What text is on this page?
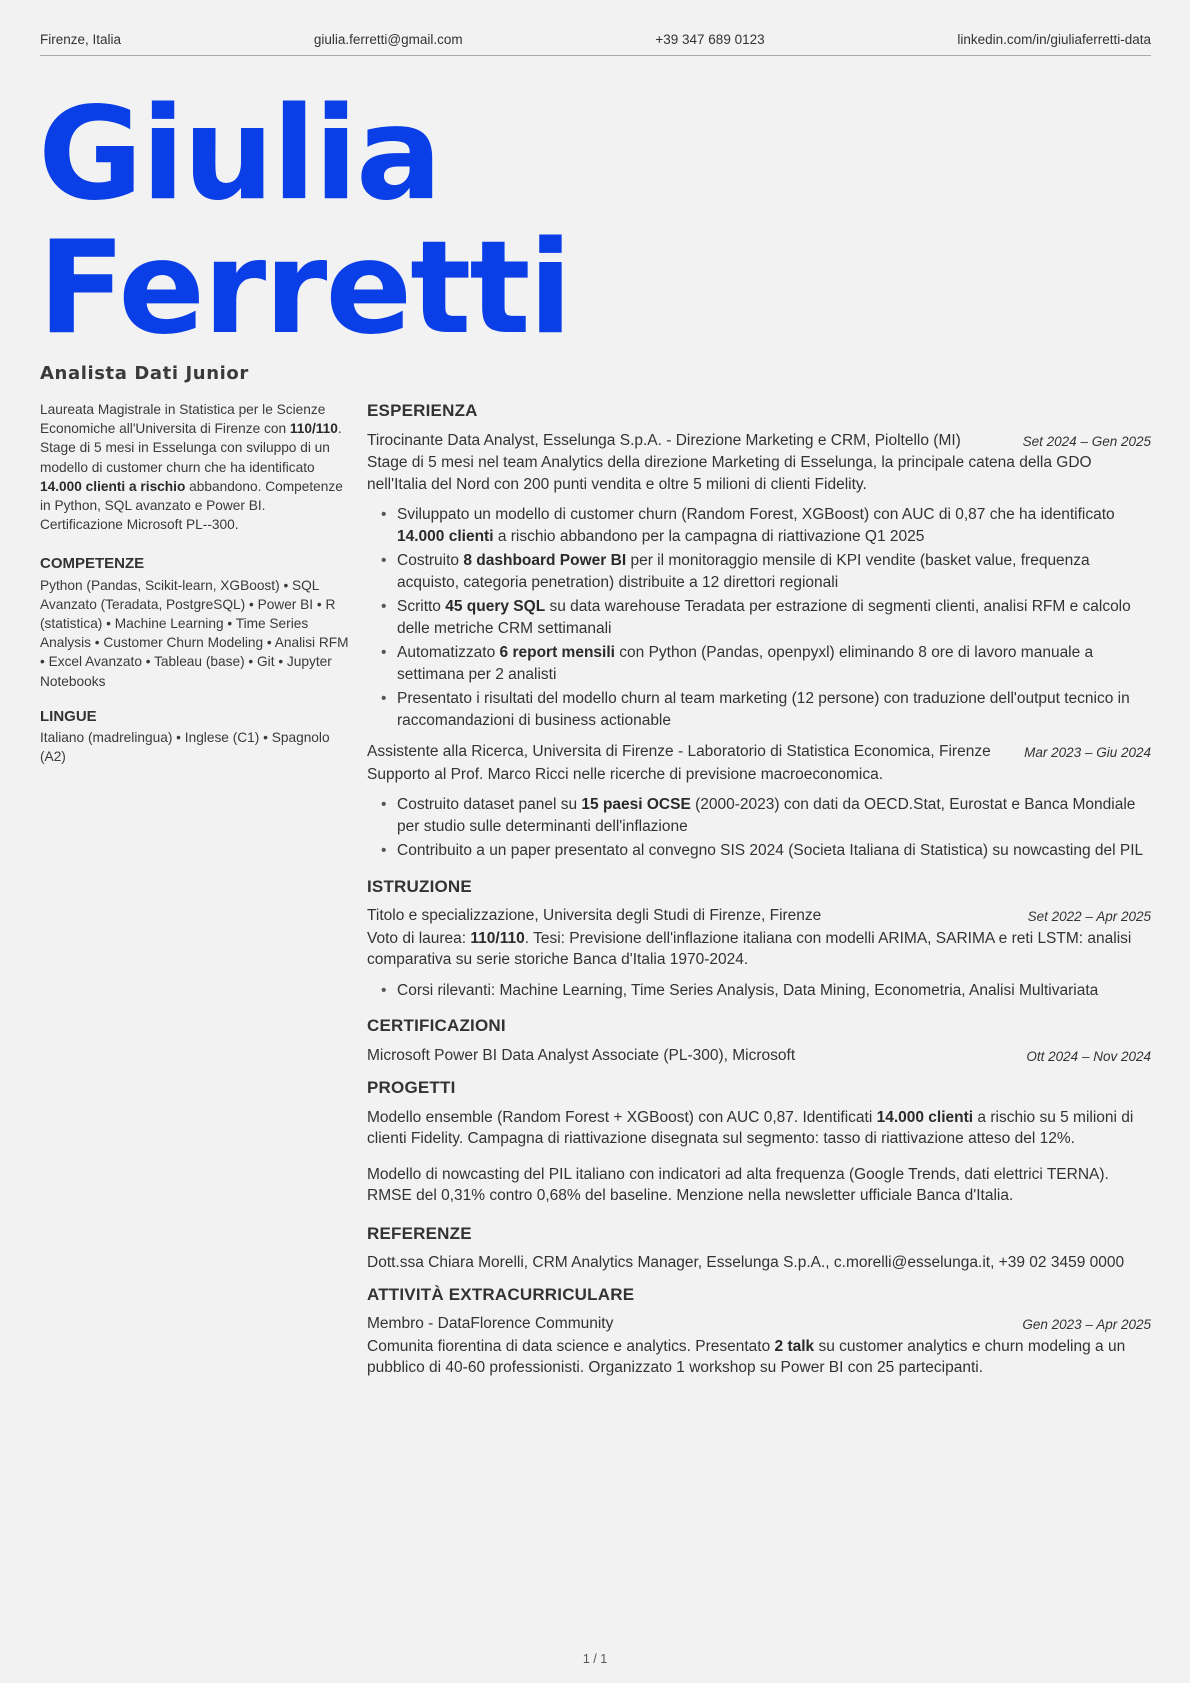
Firenze, Italia	giulia.ferretti@gmail.com	+39 347 689 0123	linkedin.com/in/giuliaferretti-data
Giulia
Ferretti
Analista Dati Junior

Laureata Magistrale in Statistica per le Scienze Economiche all'Universita di Firenze con 110/110. Stage di 5 mesi in Esselunga con sviluppo di un modello di customer churn che ha identificato 14.000 clienti a rischio abbandono. Competenze in Python, SQL avanzato e Power BI. Certificazione Microsoft PL--300.

COMPETENZE
Python (Pandas, Scikit-learn, XGBoost) • SQL Avanzato (Teradata, PostgreSQL) • Power BI • R (statistica) • Machine Learning • Time Series Analysis • Customer Churn Modeling • Analisi RFM • Excel Avanzato • Tableau (base) • Git • Jupyter Notebooks
LINGUE
Italiano (madrelingua) • Inglese (C1) • Spagnolo (A2)
ESPERIENZA
Tirocinante Data Analyst, Esselunga S.p.A. - Direzione Marketing e CRM, Pioltello (MI)	Set 2024 – Gen 2025
Stage di 5 mesi nel team Analytics della direzione Marketing di Esselunga, la principale catena della GDO nell'Italia del Nord con 200 punti vendita e oltre 5 milioni di clienti Fidelity.
• Sviluppato un modello di customer churn (Random Forest, XGBoost) con AUC di 0,87 che ha identificato 14.000 clienti a rischio abbandono per la campagna di riattivazione Q1 2025
• Costruito 8 dashboard Power BI per il monitoraggio mensile di KPI vendite (basket value, frequenza acquisto, categoria penetration) distribuite a 12 direttori regionali
• Scritto 45 query SQL su data warehouse Teradata per estrazione di segmenti clienti, analisi RFM e calcolo delle metriche CRM settimanali
• Automatizzato 6 report mensili con Python (Pandas, openpyxl) eliminando 8 ore di lavoro manuale a settimana per 2 analisti
• Presentato i risultati del modello churn al team marketing (12 persone) con traduzione dell'output tecnico in raccomandazioni di business actionable
Assistente alla Ricerca, Universita di Firenze - Laboratorio di Statistica Economica, Firenze	Mar 2023 – Giu 2024
Supporto al Prof. Marco Ricci nelle ricerche di previsione macroeconomica.
• Costruito dataset panel su 15 paesi OCSE (2000-2023) con dati da OECD.Stat, Eurostat e Banca Mondiale per studio sulle determinanti dell'inflazione
• Contribuito a un paper presentato al convegno SIS 2024 (Societa Italiana di Statistica) su nowcasting del PIL
ISTRUZIONE
Titolo e specializzazione, Universita degli Studi di Firenze, Firenze	Set 2022 – Apr 2025
Voto di laurea: 110/110. Tesi: Previsione dell'inflazione italiana con modelli ARIMA, SARIMA e reti LSTM: analisi comparativa su serie storiche Banca d'Italia 1970-2024.
• Corsi rilevanti: Machine Learning, Time Series Analysis, Data Mining, Econometria, Analisi Multivariata
CERTIFICAZIONI
Microsoft Power BI Data Analyst Associate (PL-300), Microsoft	Ott 2024 – Nov 2024
PROGETTI

Modello ensemble (Random Forest + XGBoost) con AUC 0,87. Identificati 14.000 clienti a rischio su 5 milioni di clienti Fidelity. Campagna di riattivazione disegnata sul segmento: tasso di riattivazione atteso del 12%.

Modello di nowcasting del PIL italiano con indicatori ad alta frequenza (Google Trends, dati elettrici TERNA). RMSE del 0,31% contro 0,68% del baseline. Menzione nella newsletter ufficiale Banca d'Italia.

REFERENZE

Dott.ssa Chiara Morelli, CRM Analytics Manager, Esselunga S.p.A., c.morelli@esselunga.it, +39 02 3459 0000

ATTIVITÀ EXTRACURRICULARE
Membro - DataFlorence Community	Gen 2023 – Apr 2025
Comunita fiorentina di data science e analytics. Presentato 2 talk su customer analytics e churn modeling a un pubblico di 40-60 professionisti. Organizzato 1 workshop su Power BI con 25 partecipanti.
1 / 1
